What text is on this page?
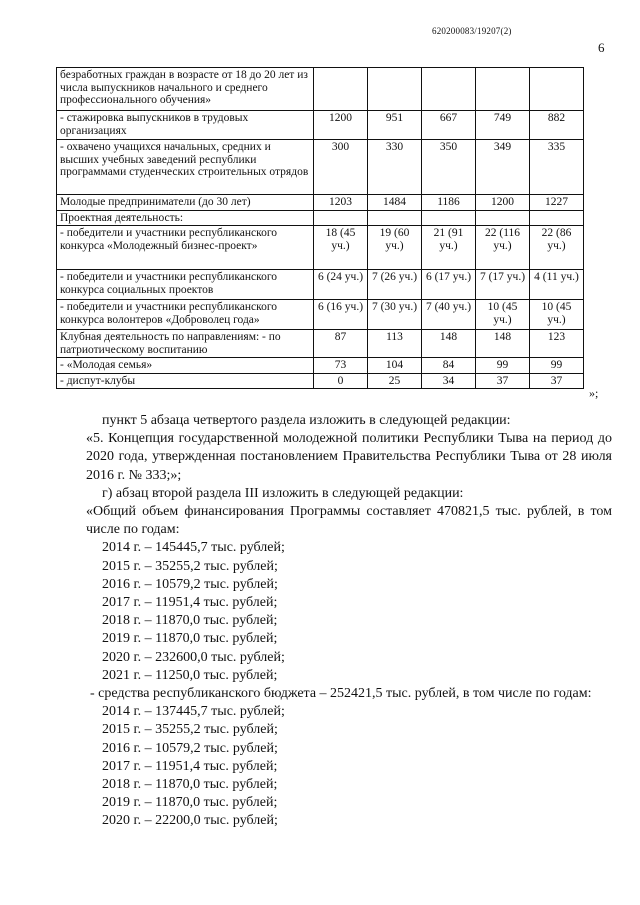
620200083/19207(2)
6
безработных граждан в возрасте от 18 до 20 лет из числа выпускников начального и среднего профессионального обучения»					
- стажировка выпускников в трудовых организациях	1200	951	667	749	882
- охвачено учащихся начальных, средних и высших учебных заведений республики программами студенческих строительных отрядов	300	330	350	349	335
Молодые предприниматели (до 30 лет)	1203	1484	1186	1200	1227
Проектная деятельность:					
- победители и участники республиканского конкурса «Молодежный бизнес-проект»	18 (45 уч.)	19 (60 уч.)	21 (91 уч.)	22 (116 уч.)	22 (86 уч.)
- победители и участники республиканского конкурса социальных проектов	6 (24 уч.)	7 (26 уч.)	6 (17 уч.)	7 (17 уч.)	4 (11 уч.)
- победители и участники республиканского конкурса волонтеров «Доброволец года»	6 (16 уч.)	7 (30 уч.)	7 (40 уч.)	10 (45 уч.)	10 (45 уч.)
Клубная деятельность по направлениям: - по патриотическому воспитанию	87	113	148	148	123
- «Молодая семья»	73	104	84	99	99
- диспут-клубы	0	25	34	37	37
»;

пункт 5 абзаца четвертого раздела изложить в следующей редакции:

«5. Концепция государственной молодежной политики Республики Тыва на период до 2020 года, утвержденная постановлением Правительства Республики Тыва от 28 июля 2016 г. № 333;»;

г) абзац второй раздела III изложить в следующей редакции:

«Общий объем финансирования Программы составляет 470821,5 тыс. рублей, в том числе по годам:

2014 г. – 145445,7 тыс. рублей;

2015 г. – 35255,2 тыс. рублей;

2016 г. – 10579,2 тыс. рублей;

2017 г. – 11951,4 тыс. рублей;

2018 г. – 11870,0 тыс. рублей;

2019 г. – 11870,0 тыс. рублей;

2020 г. – 232600,0 тыс. рублей;

2021 г. – 11250,0 тыс. рублей;

- средства республиканского бюджета – 252421,5 тыс. рублей, в том числе по годам:

2014 г. – 137445,7 тыс. рублей;

2015 г. – 35255,2 тыс. рублей;

2016 г. – 10579,2 тыс. рублей;

2017 г. – 11951,4 тыс. рублей;

2018 г. – 11870,0 тыс. рублей;

2019 г. – 11870,0 тыс. рублей;

2020 г. – 22200,0 тыс. рублей;
